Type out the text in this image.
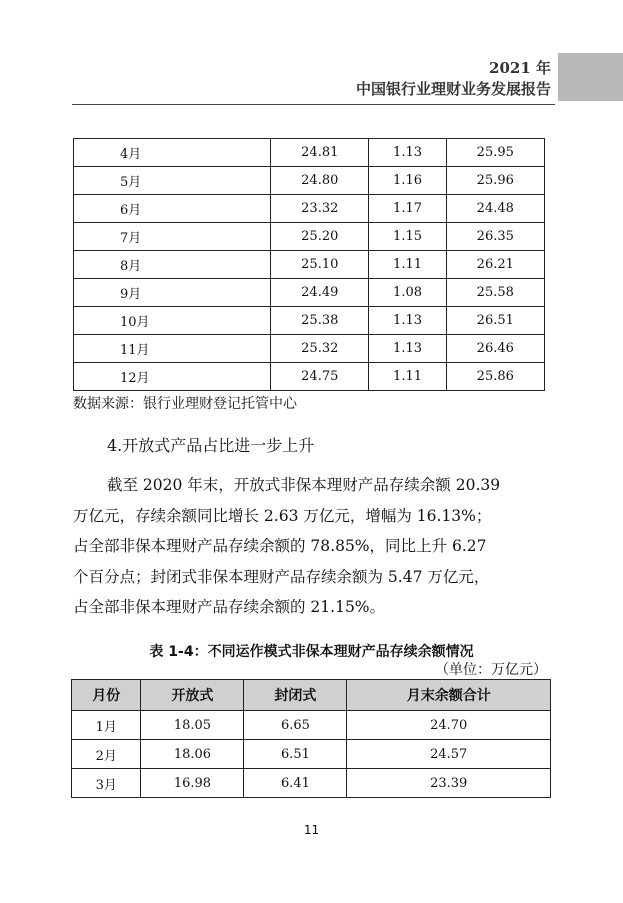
2021 年
中国银行业理财业务发展报告
4月	24.81	1.13	25.95
5月	24.80	1.16	25.96
6月	23.32	1.17	24.48
7月	25.20	1.15	26.35
8月	25.10	1.11	26.21
9月	24.49	1.08	25.58
10月	25.38	1.13	26.51
11月	25.32	1.13	26.46
12月	24.75	1.11	25.86
数据来源：银行业理财登记托管中心
4.开放式产品占比进一步上升
截至 2020 年末，开放式非保本理财产品存续余额 20.39
万亿元，存续余额同比增长 2.63 万亿元，增幅为 16.13%；
占全部非保本理财产品存续余额的 78.85%，同比上升 6.27
个百分点；封闭式非保本理财产品存续余额为 5.47 万亿元，
占全部非保本理财产品存续余额的 21.15%。
表 1-4：不同运作模式非保本理财产品存续余额情况
（单位：万亿元）
月份	开放式	封闭式	月末余额合计
1月	18.05	6.65	24.70
2月	18.06	6.51	24.57
3月	16.98	6.41	23.39
11
